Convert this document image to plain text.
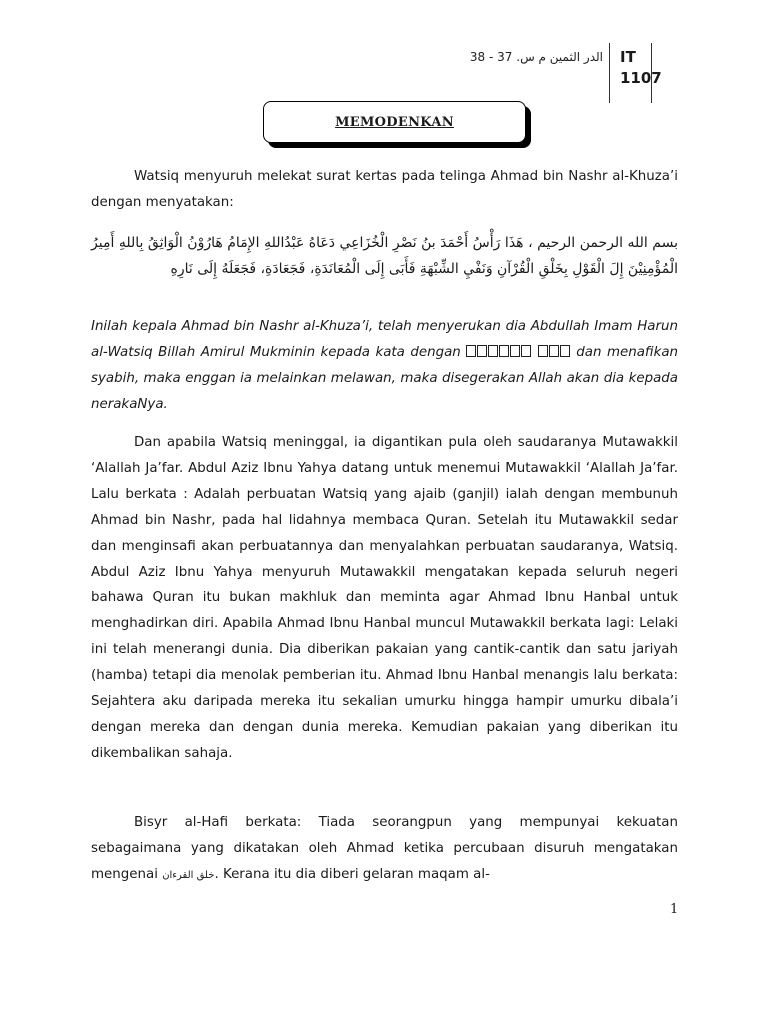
الدر الثمين م س. 37 - 38 IT
1107
MEMODENKAN

Watsiq menyuruh melekat surat kertas pada telinga Ahmad bin Nashr al-Khuza’i dengan menyatakan:

بسم الله الرحمن الرحيم ، هَذَا رَأْسُ أَحْمَدَ بنُ نَصْرِ الْخُزَاعِي دَعَاهُ عَبْدُاللهِ الإِمَامُ هَارُوْنُ الْوَاثِقُ بِاللهِ أَمِيرُ الْمُؤْمِنِيْنَ إِلَ الْقَوْلِ بِخَلْقِ الْقُرْآنِ وَنَفْيِ الشِّبْهَةِ فَأَبَى إِلَى الْمُعَانَدَةِ، فَجَعَادَةِ، فَجَعَلَهُ إِلَى نَارِهِ

Inilah kepala Ahmad bin Nashr al-Khuza’i, telah menyerukan dia Abdullah Imam Harun al-Watsiq Billah Amirul Mukminin kepada kata dengan	dan menafikan syabih, maka enggan ia melainkan melawan, maka disegerakan Allah akan dia kepada nerakaNya.

Dan apabila Watsiq meninggal, ia digantikan pula oleh saudaranya Mutawakkil ‘Alallah Ja’far. Abdul Aziz Ibnu Yahya datang untuk menemui Mutawakkil ‘Alallah Ja’far. Lalu berkata : Adalah perbuatan Watsiq yang ajaib (ganjil) ialah dengan membunuh Ahmad bin Nashr, pada hal lidahnya membaca Quran. Setelah itu Mutawakkil sedar dan menginsafi akan perbuatannya dan menyalahkan perbuatan saudaranya, Watsiq. Abdul Aziz Ibnu Yahya menyuruh Mutawakkil mengatakan kepada seluruh negeri bahawa Quran itu bukan makhluk dan meminta agar Ahmad Ibnu Hanbal untuk menghadirkan diri. Apabila Ahmad Ibnu Hanbal muncul Mutawakkil berkata lagi: Lelaki ini telah menerangi dunia. Dia diberikan pakaian yang cantik-cantik dan satu jariyah (hamba) tetapi dia menolak pemberian itu. Ahmad Ibnu Hanbal menangis lalu berkata: Sejahtera aku daripada mereka itu sekalian umurku hingga hampir umurku dibala’i dengan mereka dan dengan dunia mereka. Kemudian pakaian yang diberikan itu dikembalikan sahaja.

Bisyr al-Hafi berkata: Tiada seorangpun yang mempunyai kekuatan sebagaimana yang dikatakan oleh Ahmad ketika percubaan disuruh mengatakan mengenai خلق القرءان. Kerana itu dia diberi gelaran maqam al-

1
